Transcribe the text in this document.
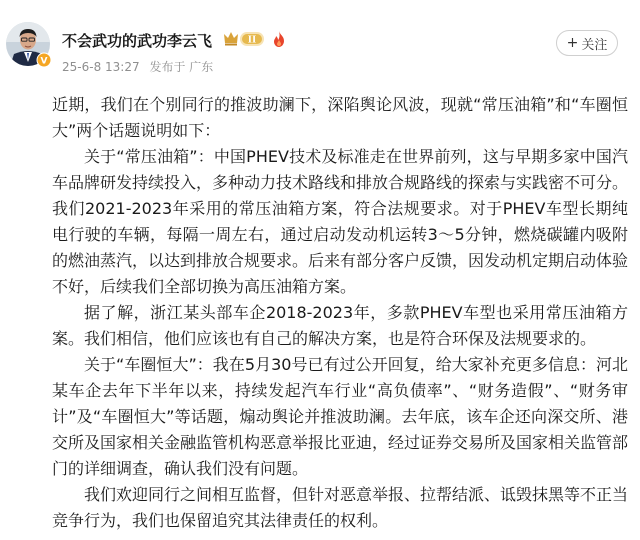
V
不会武功的武功李云飞	II
25-6-8 13:27 发布于 广东
+ 关注

近期，我们在个别同行的推波助澜下，深陷舆论风波，现就“常压油箱”和“车圈恒大”两个话题说明如下：

关于“常压油箱”：中国PHEV技术及标准走在世界前列，这与早期多家中国汽车品牌研发持续投入，多种动力技术路线和排放合规路线的探索与实践密不可分。我们2021-2023年采用的常压油箱方案，符合法规要求。对于PHEV车型长期纯电行驶的车辆，每隔一周左右，通过启动发动机运转3～5分钟，燃烧碳罐内吸附的燃油蒸汽，以达到排放合规要求。后来有部分客户反馈，因发动机定期启动体验不好，后续我们全部切换为高压油箱方案。

据了解，浙江某头部车企2018-2023年，多款PHEV车型也采用常压油箱方案。我们相信，他们应该也有自己的解决方案，也是符合环保及法规要求的。

关于“车圈恒大”：我在5月30号已有过公开回复，给大家补充更多信息：河北某车企去年下半年以来，持续发起汽车行业“高负债率”、“财务造假”、“财务审计”及“车圈恒大”等话题，煽动舆论并推波助澜。去年底，该车企还向深交所、港交所及国家相关金融监管机构恶意举报比亚迪，经过证券交易所及国家相关监管部门的详细调查，确认我们没有问题。

我们欢迎同行之间相互监督，但针对恶意举报、拉帮结派、诋毁抹黑等不正当竞争行为，我们也保留追究其法律责任的权利。
